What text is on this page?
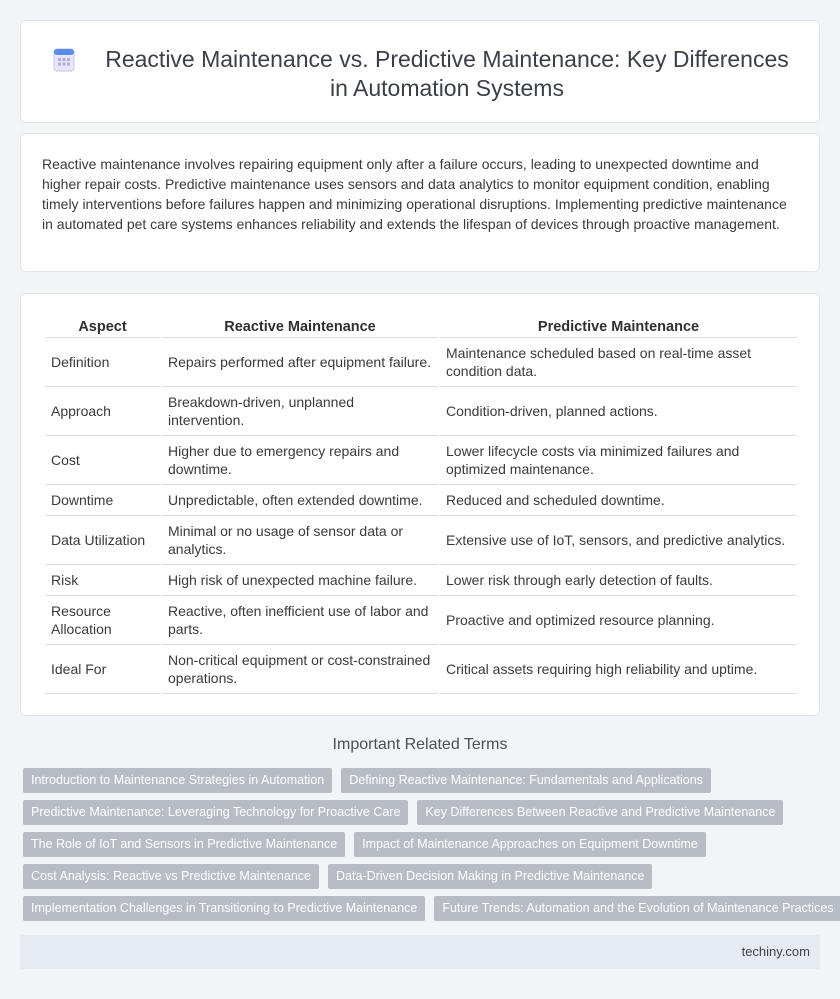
Reactive Maintenance vs. Predictive Maintenance: Key Differences in Automation Systems

Reactive maintenance involves repairing equipment only after a failure occurs, leading to unexpected downtime and higher repair costs. Predictive maintenance uses sensors and data analytics to monitor equipment condition, enabling timely interventions before failures happen and minimizing operational disruptions. Implementing predictive maintenance in automated pet care systems enhances reliability and extends the lifespan of devices through proactive management.

Aspect	Reactive Maintenance	Predictive Maintenance
Definition	Repairs performed after equipment failure.	Maintenance scheduled based on real-time asset condition data.
Approach	Breakdown-driven, unplanned intervention.	Condition-driven, planned actions.
Cost	Higher due to emergency repairs and downtime.	Lower lifecycle costs via minimized failures and optimized maintenance.
Downtime	Unpredictable, often extended downtime.	Reduced and scheduled downtime.
Data Utilization	Minimal or no usage of sensor data or analytics.	Extensive use of IoT, sensors, and predictive analytics.
Risk	High risk of unexpected machine failure.	Lower risk through early detection of faults.
Resource Allocation	Reactive, often inefficient use of labor and parts.	Proactive and optimized resource planning.
Ideal For	Non-critical equipment or cost-constrained operations.	Critical assets requiring high reliability and uptime.
Important Related Terms
Introduction to Maintenance Strategies in Automation	Defining Reactive Maintenance: Fundamentals and Applications
Predictive Maintenance: Leveraging Technology for Proactive Care	Key Differences Between Reactive and Predictive Maintenance
The Role of IoT and Sensors in Predictive Maintenance	Impact of Maintenance Approaches on Equipment Downtime
Cost Analysis: Reactive vs Predictive Maintenance	Data-Driven Decision Making in Predictive Maintenance
Implementation Challenges in Transitioning to Predictive Maintenance	Future Trends: Automation and the Evolution of Maintenance Practices
techiny.com
